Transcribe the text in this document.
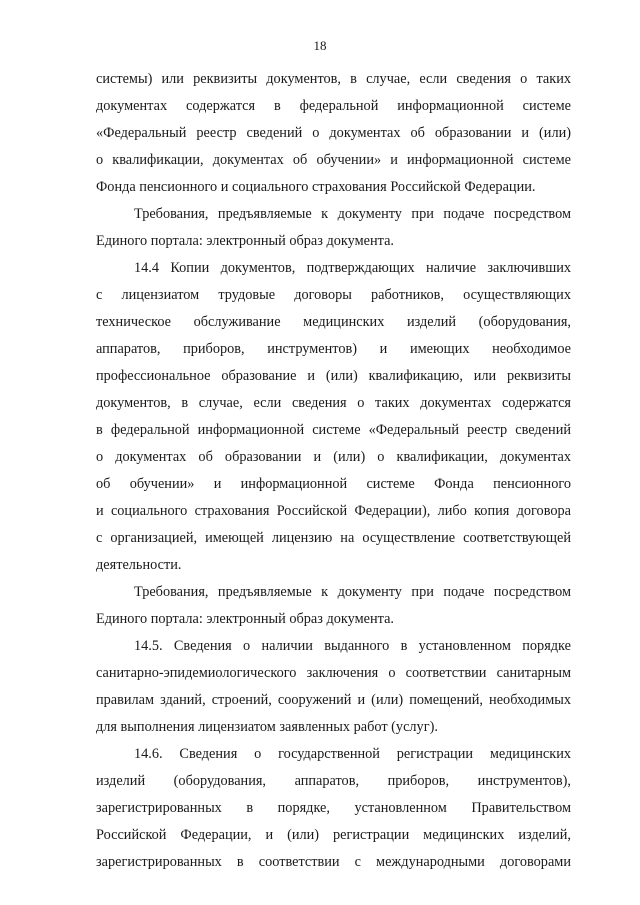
18

системы) или реквизиты документов, в случае, если сведения о таких
документах содержатся в федеральной информационной системе
«Федеральный реестр сведений о документах об образовании и (или)
о квалификации, документах об обучении» и информационной системе
Фонда пенсионного и социального страхования Российской Федерации.

Требования, предъявляемые к документу при подаче посредством
Единого портала: электронный образ документа.

14.4 Копии документов, подтверждающих наличие заключивших
с лицензиатом трудовые договоры работников, осуществляющих
техническое обслуживание медицинских изделий (оборудования,
аппаратов, приборов, инструментов) и имеющих необходимое
профессиональное образование и (или) квалификацию, или реквизиты
документов, в случае, если сведения о таких документах содержатся
в федеральной информационной системе «Федеральный реестр сведений
о документах об образовании и (или) о квалификации, документах
об обучении» и информационной системе Фонда пенсионного
и социального страхования Российской Федерации), либо копия договора
с организацией, имеющей лицензию на осуществление соответствующей
деятельности.

Требования, предъявляемые к документу при подаче посредством
Единого портала: электронный образ документа.

14.5. Сведения о наличии выданного в установленном порядке
санитарно-эпидемиологического заключения о соответствии санитарным
правилам зданий, строений, сооружений и (или) помещений, необходимых
для выполнения лицензиатом заявленных работ (услуг).

14.6. Сведения о государственной регистрации медицинских
изделий (оборудования, аппаратов, приборов, инструментов),
зарегистрированных в порядке, установленном Правительством
Российской Федерации, и (или) регистрации медицинских изделий,
зарегистрированных в соответствии с международными договорами
